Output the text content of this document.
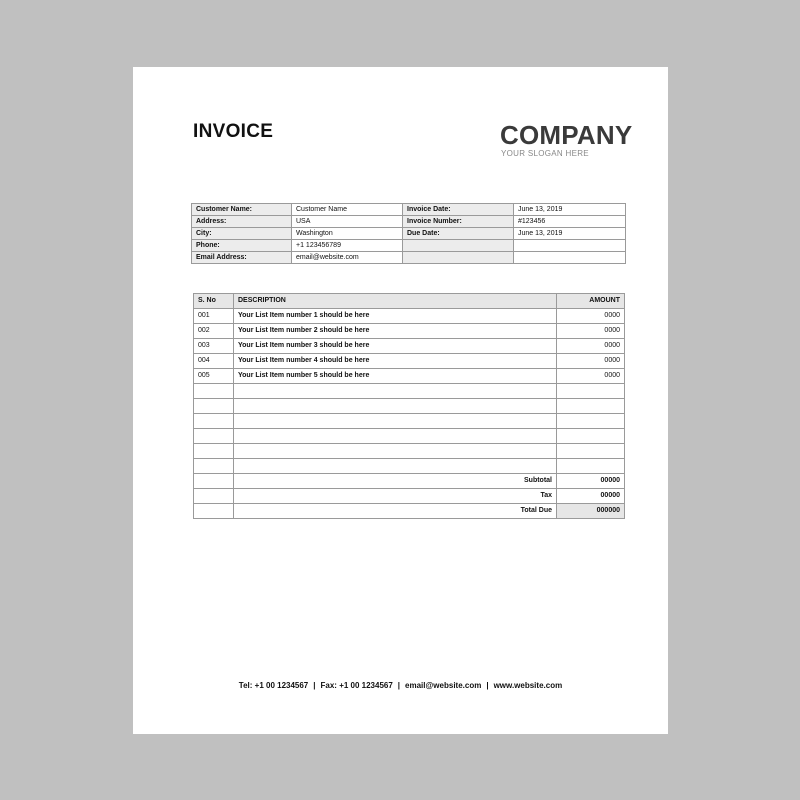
INVOICE	COMPANY
YOUR SLOGAN HERE
Customer Name:	Customer Name	Invoice Date:	June 13, 2019
Address:	USA	Invoice Number:	#123456
City:	Washington	Due Date:	June 13, 2019
Phone:	+1 123456789		
Email Address:	email@website.com		
S. No	DESCRIPTION	AMOUNT
001	Your List Item number 1 should be here	0000
002	Your List Item number 2 should be here	0000
003	Your List Item number 3 should be here	0000
004	Your List Item number 4 should be here	0000
005	Your List Item number 5 should be here	0000

	Subtotal	00000
	Tax	00000
	Total Due	000000
Tel: +1 00 1234567 | Fax: +1 00 1234567 | email@website.com | www.website.com
